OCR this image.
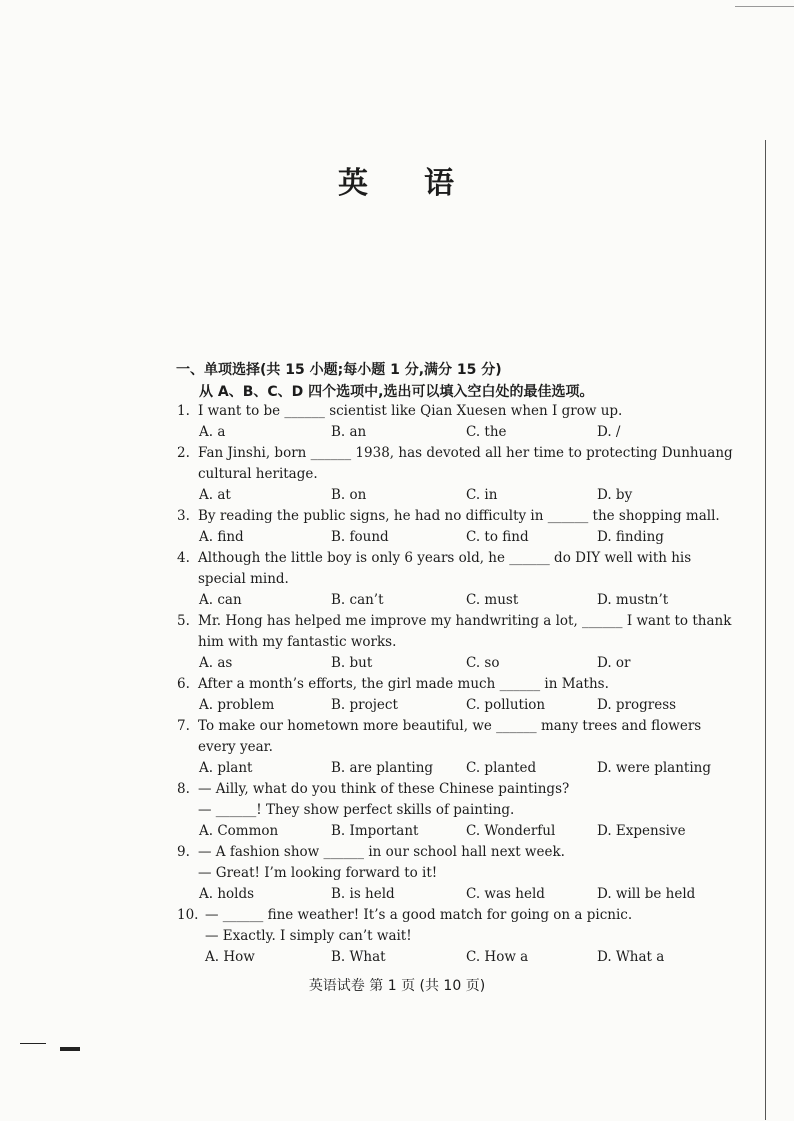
英 语
一、单项选择(共 15 小题;每小题 1 分,满分 15 分)
从 A、B、C、D 四个选项中,选出可以填入空白处的最佳选项。
1. I want to be ______ scientist like Qian Xuesen when I grow up.
A. a	B. an	C. the	D. /
2. Fan Jinshi, born ______ 1938, has devoted all her time to protecting Dunhuang cultural heritage.
A. at	B. on	C. in	D. by
3. By reading the public signs, he had no difficulty in ______ the shopping mall.
A. find	B. found	C. to find	D. finding
4. Although the little boy is only 6 years old, he ______ do DIY well with his special mind.
A. can	B. can’t	C. must	D. mustn’t
5. Mr. Hong has helped me improve my handwriting a lot, ______ I want to thank him with my fantastic works.
A. as	B. but	C. so	D. or
6. After a month’s efforts, the girl made much ______ in Maths.
A. problem	B. project	C. pollution	D. progress
7. To make our hometown more beautiful, we ______ many trees and flowers every year.
A. plant	B. are planting C. planted	D. were planting
8. — Ailly, what do you think of these Chinese paintings?
— ______! They show perfect skills of painting.
A. Common	B. Important	C. Wonderful	D. Expensive
9. — A fashion show ______ in our school hall next week.
— Great! I’m looking forward to it!
A. holds	B. is held	C. was held	D. will be held
10. — ______ fine weather! It’s a good match for going on a picnic.
— Exactly. I simply can’t wait!
A. How	B. What	C. How a	D. What a
英语试卷 第 1 页 (共 10 页)
